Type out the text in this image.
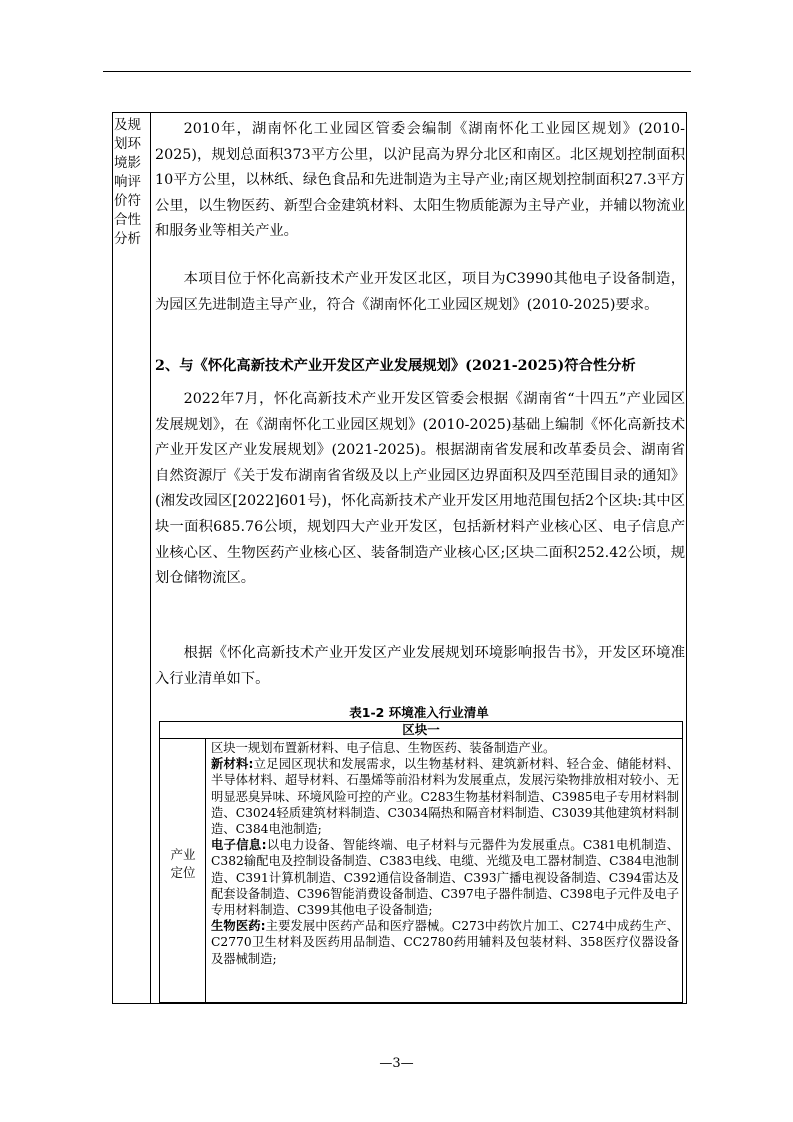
及规划环境影响评价符合性分析

2010年，湖南怀化工业园区管委会编制《湖南怀化工业园区规划》(2010-2025)，规划总面积373平方公里，以沪昆高为界分北区和南区。北区规划控制面积10平方公里，以林纸、绿色食品和先进制造为主导产业;南区规划控制面积27.3平方公里，以生物医药、新型合金建筑材料、太阳生物质能源为主导产业，并辅以物流业和服务业等相关产业。

本项目位于怀化高新技术产业开发区北区，项目为C3990其他电子设备制造，为园区先进制造主导产业，符合《湖南怀化工业园区规划》(2010-2025)要求。

2、与《怀化高新技术产业开发区产业发展规划》(2021-2025)符合性分析

2022年7月，怀化高新技术产业开发区管委会根据《湖南省“十四五”产业园区发展规划》，在《湖南怀化工业园区规划》(2010-2025)基础上编制《怀化高新技术产业开发区产业发展规划》(2021-2025)。根据湖南省发展和改革委员会、湖南省自然资源厅《关于发布湖南省省级及以上产业园区边界面积及四至范围目录的通知》(湘发改园区[2022]601号)，怀化高新技术产业开发区用地范围包括2个区块:其中区块一面积685.76公顷，规划四大产业开发区，包括新材料产业核心区、电子信息产业核心区、生物医药产业核心区、装备制造产业核心区;区块二面积252.42公顷，规划仓储物流区。

根据《怀化高新技术产业开发区产业发展规划环境影响报告书》，开发区环境准入行业清单如下。

表1-2 环境准入行业清单
区块一
产业定位

区块一规划布置新材料、电子信息、生物医药、装备制造产业。

新材料:立足园区现状和发展需求，以生物基材料、建筑新材料、轻合金、储能材料、半导体材料、超导材料、石墨烯等前沿材料为发展重点，发展污染物排放相对较小、无明显恶臭异味、环境风险可控的产业。C283生物基材料制造、C3985电子专用材料制造、C3024轻质建筑材料制造、C3034隔热和隔音材料制造、C3039其他建筑材料制造、C384电池制造;

电子信息:以电力设备、智能终端、电子材料与元器件为发展重点。C381电机制造、C382输配电及控制设备制造、C383电线、电缆、光缆及电工器材制造、C384电池制造、C391计算机制造、C392通信设备制造、C393广播电视设备制造、C394雷达及配套设备制造、C396智能消费设备制造、C397电子器件制造、C398电子元件及电子专用材料制造、C399其他电子设备制造;

生物医药:主要发展中医药产品和医疗器械。C273中药饮片加工、C274中成药生产、C2770卫生材料及医药用品制造、CC2780药用辅料及包装材料、358医疗仪器设备及器械制造;

—3—
